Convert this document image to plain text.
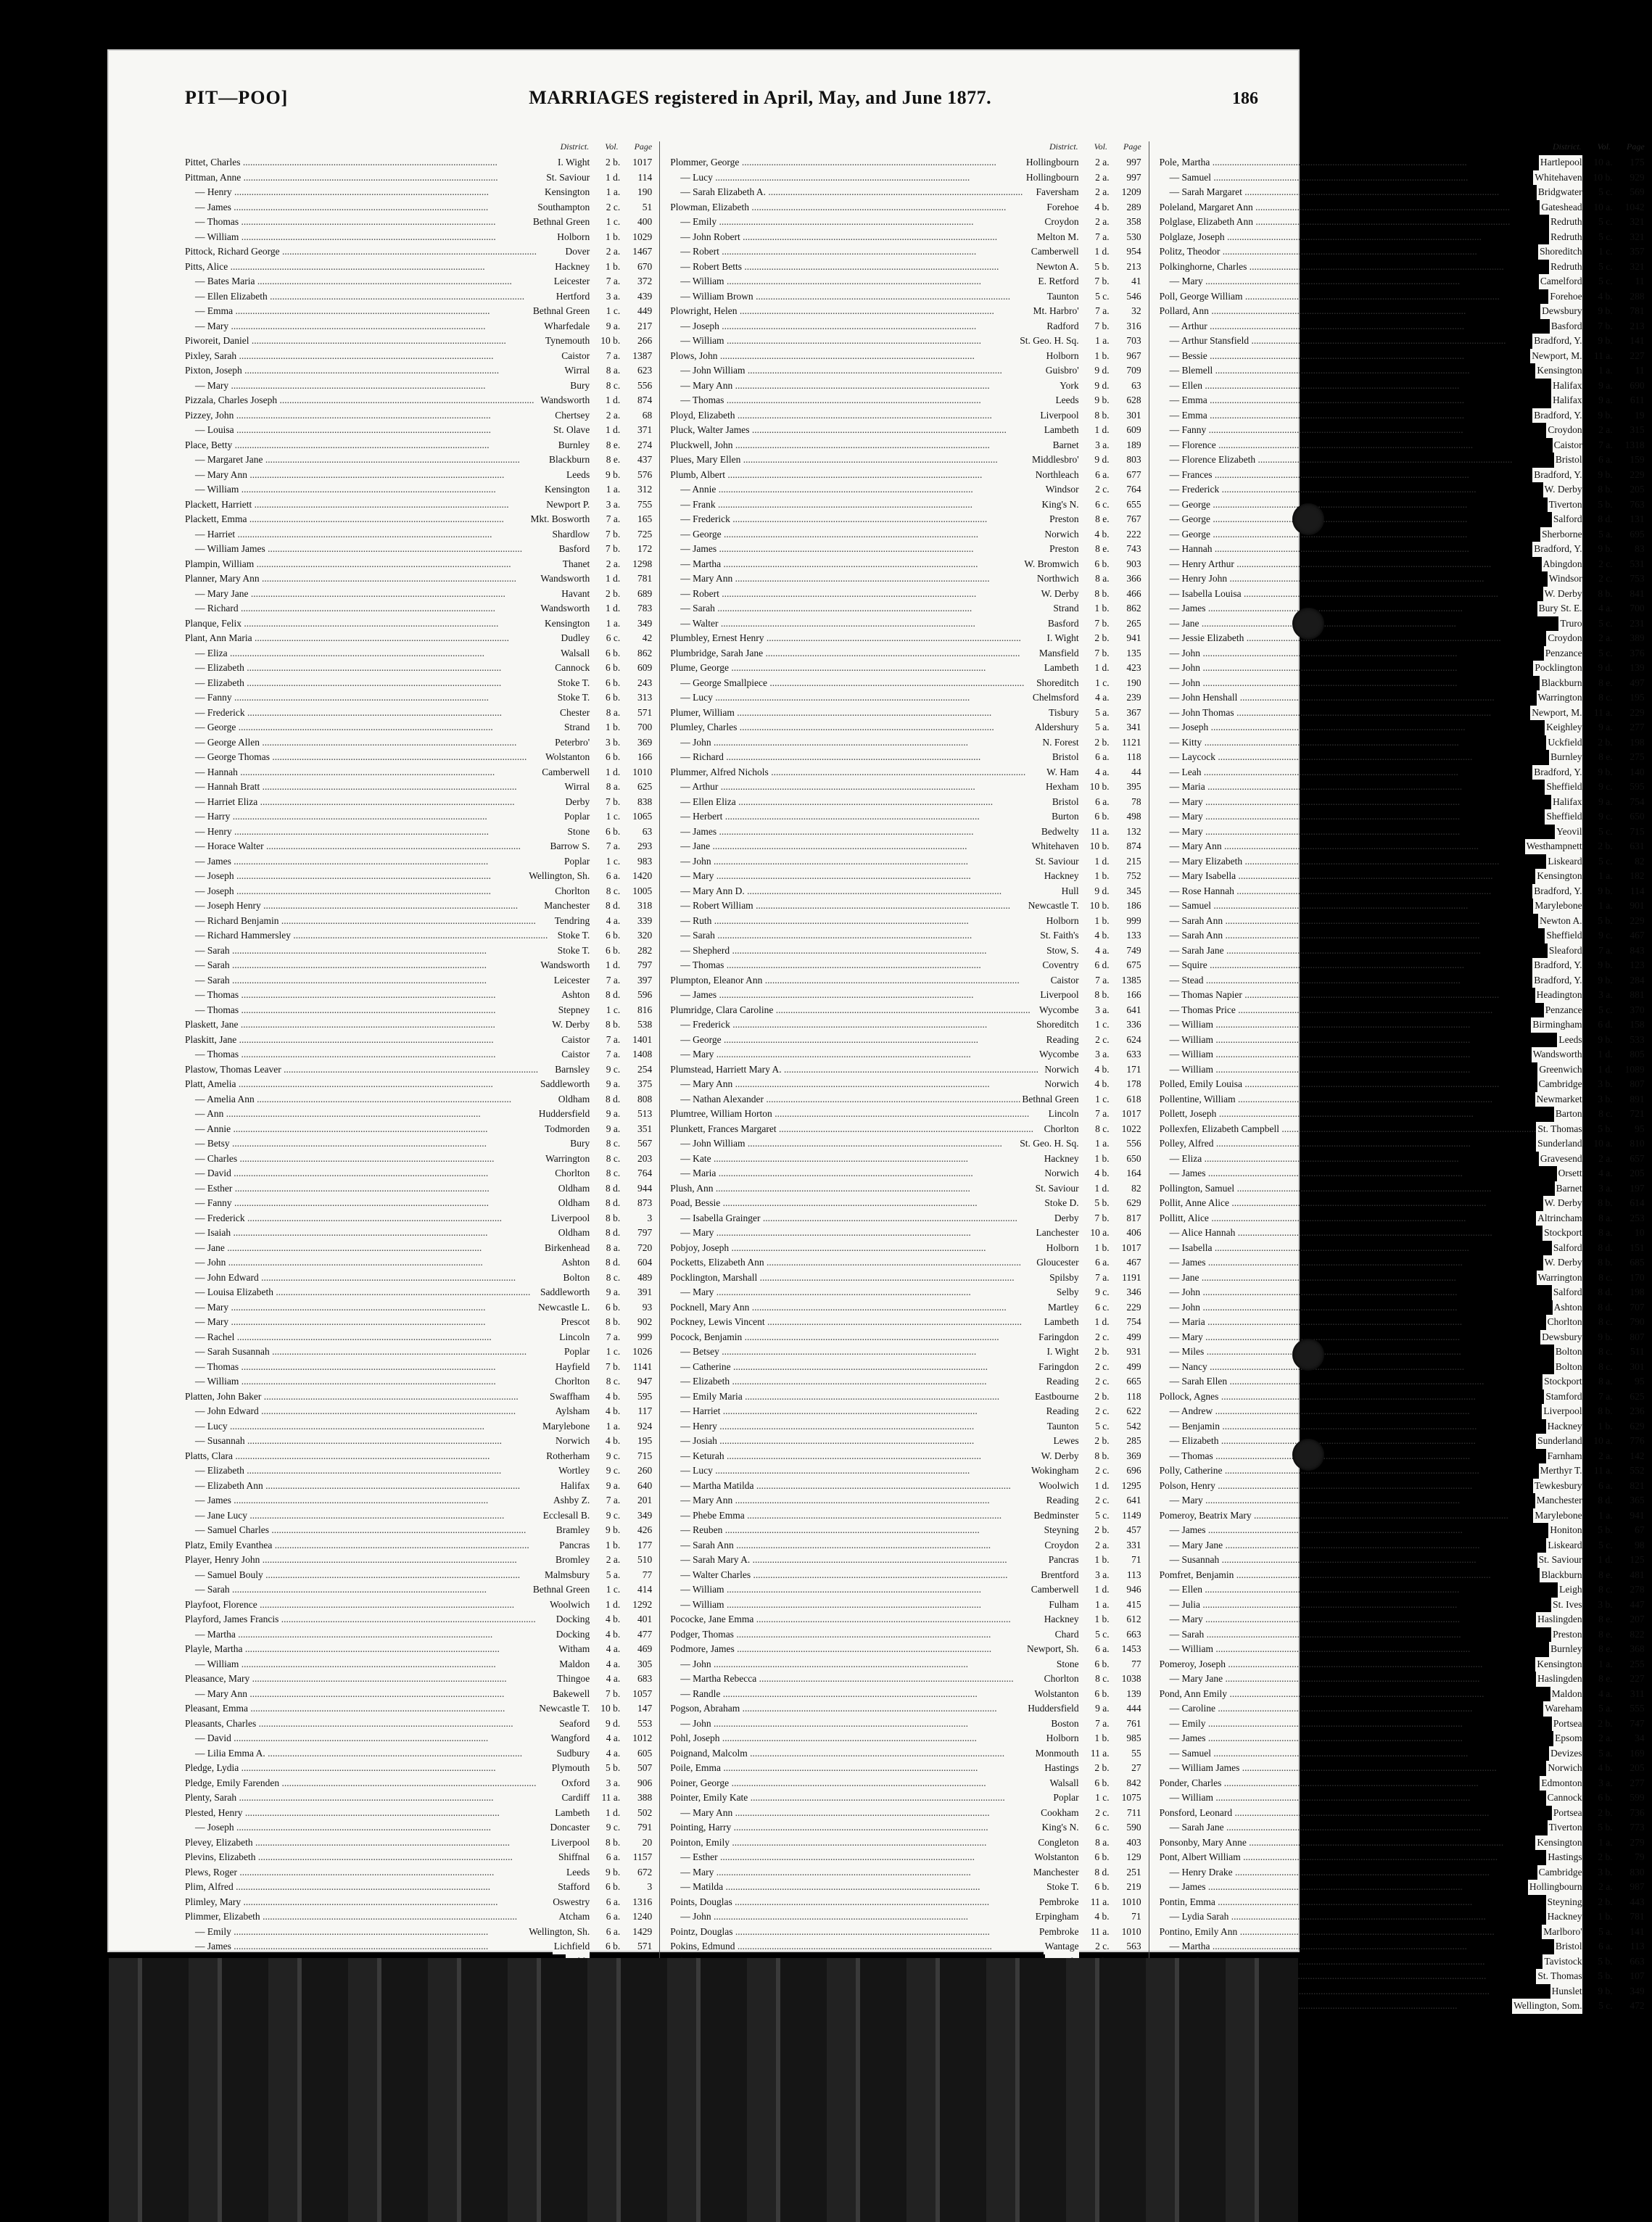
PIT—POO]	MARRIAGES registered in April, May, and June 1877.	186
District. Vol. Page
Pittet, Charles .....	I. Wight	2 b.	1017
Pittman, Anne .....	St. Saviour	1 d.	114
— Henry .....	Kensington	1 a.	190
— James .....	Southampton	2 c.	51
— Thomas .....	Bethnal Green	1 c.	400
— William .....	Holborn	1 b.	1029
Pittock, Richard George .....	Dover	2 a.	1467
Pitts, Alice .....	Hackney	1 b.	670
— Bates Maria .....	Leicester	7 a.	372
— Ellen Elizabeth .....	Hertford	3 a.	439
— Emma .....	Bethnal Green	1 c.	449
— Mary .....	Wharfedale	9 a.	217
Piworeit, Daniel .....	Tynemouth	10 b.	266
Pixley, Sarah .....	Caistor	7 a.	1387
Pixton, Joseph .....	Wirral	8 a.	623
— Mary .....	Bury	8 c.	556
Pizzala, Charles Joseph .....	Wandsworth	1 d.	874
Pizzey, John .....	Chertsey	2 a.	68
— Louisa .....	St. Olave	1 d.	371
Place, Betty .....	Burnley	8 e.	274
— Margaret Jane .....	Blackburn	8 e.	437
— Mary Ann .....	Leeds	9 b.	576
— William .....	Kensington	1 a.	312
Plackett, Harriett .....	Newport P.	3 a.	755
Plackett, Emma .....	Mkt. Bosworth	7 a.	165
— Harriet .....	Shardlow	7 b.	725
— William James .....	Basford	7 b.	172
Plampin, William .....	Thanet	2 a.	1298
Planner, Mary Ann .....	Wandsworth	1 d.	781
— Mary Jane .....	Havant	2 b.	689
— Richard .....	Wandsworth	1 d.	783
Planque, Felix .....	Kensington	1 a.	349
Plant, Ann Maria .....	Dudley	6 c.	42
— Eliza .....	Walsall	6 b.	862
— Elizabeth .....	Cannock	6 b.	609
— Elizabeth .....	Stoke T.	6 b.	243
— Fanny .....	Stoke T.	6 b.	313
— Frederick .....	Chester	8 a.	571
— George .....	Strand	1 b.	700
— George Allen .....	Peterbro'	3 b.	369
— George Thomas .....	Wolstanton	6 b.	166
— Hannah .....	Camberwell	1 d.	1010
— Hannah Bratt .....	Wirral	8 a.	625
— Harriet Eliza .....	Derby	7 b.	838
— Harry .....	Poplar	1 c.	1065
— Henry .....	Stone	6 b.	63
— Horace Walter .....	Barrow S.	7 a.	293
— James .....	Poplar	1 c.	983
— Joseph .....	Wellington, Sh.	6 a.	1420
— Joseph .....	Chorlton	8 c.	1005
— Joseph Henry .....	Manchester	8 d.	318
— Richard Benjamin .....	Tendring	4 a.	339
— Richard Hammersley .....	Stoke T.	6 b.	320
— Sarah .....	Stoke T.	6 b.	282
— Sarah .....	Wandsworth	1 d.	797
— Sarah .....	Leicester	7 a.	397
— Thomas .....	Ashton	8 d.	596
— Thomas .....	Stepney	1 c.	816
Plaskett, Jane .....	W. Derby	8 b.	538
Plaskitt, Jane .....	Caistor	7 a.	1401
— Thomas .....	Caistor	7 a.	1408
Plastow, Thomas Leaver .....	Barnsley	9 c.	254
Platt, Amelia .....	Saddleworth	9 a.	375
— Amelia Ann .....	Oldham	8 d.	808
— Ann .....	Huddersfield	9 a.	513
— Annie .....	Todmorden	9 a.	351
— Betsy .....	Bury	8 c.	567
— Charles .....	Warrington	8 c.	203
— David .....	Chorlton	8 c.	764
— Esther .....	Oldham	8 d.	944
— Fanny .....	Oldham	8 d.	873
— Frederick .....	Liverpool	8 b.	3
— Isaiah .....	Oldham	8 d.	797
— Jane .....	Birkenhead	8 a.	720
— John .....	Ashton	8 d.	604
— John Edward .....	Bolton	8 c.	489
— Louisa Elizabeth .....	Saddleworth	9 a.	391
— Mary .....	Newcastle L.	6 b.	93
— Mary .....	Prescot	8 b.	902
— Rachel .....	Lincoln	7 a.	999
— Sarah Susannah .....	Poplar	1 c.	1026
— Thomas .....	Hayfield	7 b.	1141
— William .....	Chorlton	8 c.	947
Platten, John Baker .....	Swaffham	4 b.	595
— John Edward .....	Aylsham	4 b.	117
— Lucy .....	Marylebone	1 a.	924
— Susannah .....	Norwich	4 b.	195
Platts, Clara .....	Rotherham	9 c.	715
— Elizabeth .....	Wortley	9 c.	260
— Elizabeth Ann .....	Halifax	9 a.	640
— James .....	Ashby Z.	7 a.	201
— Jane Lucy .....	Ecclesall B.	9 c.	349
— Samuel Charles .....	Bramley	9 b.	426
Platz, Emily Evanthea .....	Pancras	1 b.	177
Player, Henry John .....	Bromley	2 a.	510
— Samuel Bouly .....	Malmsbury	5 a.	77
— Sarah .....	Bethnal Green	1 c.	414
Playfoot, Florence .....	Woolwich	1 d.	1292
Playford, James Francis .....	Docking	4 b.	401
— Martha .....	Docking	4 b.	477
Playle, Martha .....	Witham	4 a.	469
— William .....	Maldon	4 a.	305
Pleasance, Mary .....	Thingoe	4 a.	683
— Mary Ann .....	Bakewell	7 b.	1057
Pleasant, Emma .....	Newcastle T.	10 b.	147
Pleasants, Charles .....	Seaford	9 d.	553
— David .....	Wangford	4 a.	1012
— Lilia Emma A. .....	Sudbury	4 a.	605
Pledge, Lydia .....	Plymouth	5 b.	507
Pledge, Emily Farenden .....	Oxford	3 a.	906
Plenty, Sarah .....	Cardiff	11 a.	388
Plested, Henry .....	Lambeth	1 d.	502
— Joseph .....	Doncaster	9 c.	791
Plevey, Elizabeth .....	Liverpool	8 b.	20
Plevins, Elizabeth .....	Shiffnal	6 a.	1157
Plews, Roger .....	Leeds	9 b.	672
Plim, Alfred .....	Stafford	6 b.	3
Plimley, Mary .....	Oswestry	6 a.	1316
Plimmer, Elizabeth .....	Atcham	6 a.	1240
— Emily .....	Wellington, Sh.	6 a.	1429
— James .....	Lichfield	6 b.	571
.....
.....
.....
District. Vol. Page
Plommer, George .....	Hollingbourn	2 a.	997
— Lucy .....	Hollingbourn	2 a.	997
— Sarah Elizabeth A. .....	Faversham	2 a.	1209
Plowman, Elizabeth .....	Forehoe	4 b.	289
— Emily .....	Croydon	2 a.	358
— John Robert .....	Melton M.	7 a.	530
— Robert .....	Camberwell	1 d.	954
— Robert Betts .....	Newton A.	5 b.	213
— William .....	E. Retford	7 b.	41
— William Brown .....	Taunton	5 c.	546
Plowright, Helen .....	Mt. Harbro'	7 a.	32
— Joseph .....	Radford	7 b.	316
— William .....	St. Geo. H. Sq.	1 a.	703
Plows, John .....	Holborn	1 b.	967
— John William .....	Guisbro'	9 d.	709
— Mary Ann .....	York	9 d.	63
— Thomas .....	Leeds	9 b.	628
Ployd, Elizabeth .....	Liverpool	8 b.	301
Pluck, Walter James .....	Lambeth	1 d.	609
Pluckwell, John .....	Barnet	3 a.	189
Plues, Mary Ellen .....	Middlesbro'	9 d.	803
Plumb, Albert .....	Northleach	6 a.	677
— Annie .....	Windsor	2 c.	764
— Frank .....	King's N.	6 c.	655
— Frederick .....	Preston	8 e.	767
— George .....	Norwich	4 b.	222
— James .....	Preston	8 e.	743
— Martha .....	W. Bromwich	6 b.	903
— Mary Ann .....	Northwich	8 a.	366
— Robert .....	W. Derby	8 b.	466
— Sarah .....	Strand	1 b.	862
— Walter .....	Basford	7 b.	265
Plumbley, Ernest Henry .....	I. Wight	2 b.	941
Plumbridge, Sarah Jane .....	Mansfield	7 b.	135
Plume, George .....	Lambeth	1 d.	423
— George Smallpiece .....	Shoreditch	1 c.	190
— Lucy .....	Chelmsford	4 a.	239
Plumer, William .....	Tisbury	5 a.	367
Plumley, Charles .....	Aldershury	5 a.	341
— John .....	N. Forest	2 b.	1121
— Richard .....	Bristol	6 a.	118
Plummer, Alfred Nichols .....	W. Ham	4 a.	44
— Arthur .....	Hexham	10 b.	395
— Ellen Eliza .....	Bristol	6 a.	78
— Herbert .....	Burton	6 b.	498
— James .....	Bedwelty	11 a.	132
— Jane .....	Whitehaven	10 b.	874
— John .....	St. Saviour	1 d.	215
— Mary .....	Hackney	1 b.	752
— Mary Ann D. .....	Hull	9 d.	345
— Robert William .....	Newcastle T.	10 b.	186
— Ruth .....	Holborn	1 b.	999
— Sarah .....	St. Faith's	4 b.	133
— Shepherd .....	Stow, S.	4 a.	749
— Thomas .....	Coventry	6 d.	675
Plumpton, Eleanor Ann .....	Caistor	7 a.	1385
— James .....	Liverpool	8 b.	166
Plumridge, Clara Caroline .....	Wycombe	3 a.	641
— Frederick .....	Shoreditch	1 c.	336
— George .....	Reading	2 c.	624
— Mary .....	Wycombe	3 a.	633
Plumstead, Harriett Mary A. .....	Norwich	4 b.	171
— Mary Ann .....	Norwich	4 b.	178
— Nathan Alexander .....	Bethnal Green	1 c.	618
Plumtree, William Horton .....	Lincoln	7 a.	1017
Plunkett, Frances Margaret .....	Chorlton	8 c.	1022
— John William .....	St. Geo. H. Sq.	1 a.	556
— Kate .....	Hackney	1 b.	650
— Maria .....	Norwich	4 b.	164
Plush, Ann .....	St. Saviour	1 d.	82
Poad, Bessie .....	Stoke D.	5 b.	629
— Isabella Grainger .....	Derby	7 b.	817
— Mary .....	Lanchester	10 a.	406
Pobjoy, Joseph .....	Holborn	1 b.	1017
Pocketts, Elizabeth Ann .....	Gloucester	6 a.	467
Pocklington, Marshall .....	Spilsby	7 a.	1191
— Mary .....	Selby	9 c.	346
Pocknell, Mary Ann .....	Martley	6 c.	229
Pockney, Lewis Vincent .....	Lambeth	1 d.	754
Pocock, Benjamin .....	Faringdon	2 c.	499
— Betsey .....	I. Wight	2 b.	931
— Catherine .....	Faringdon	2 c.	499
— Elizabeth .....	Reading	2 c.	665
— Emily Maria .....	Eastbourne	2 b.	118
— Harriet .....	Reading	2 c.	622
— Henry .....	Taunton	5 c.	542
— Josiah .....	Lewes	2 b.	285
— Keturah .....	W. Derby	8 b.	369
— Lucy .....	Wokingham	2 c.	696
— Martha Matilda .....	Woolwich	1 d.	1295
— Mary Ann .....	Reading	2 c.	641
— Phebe Emma .....	Bedminster	5 c.	1149
— Reuben .....	Steyning	2 b.	457
— Sarah Ann .....	Croydon	2 a.	331
— Sarah Mary A. .....	Pancras	1 b.	71
— Walter Charles .....	Brentford	3 a.	113
— William .....	Camberwell	1 d.	946
— William .....	Fulham	1 a.	415
Pococke, Jane Emma .....	Hackney	1 b.	612
Podger, Thomas .....	Chard	5 c.	663
Podmore, James .....	Newport, Sh.	6 a.	1453
— John .....	Stone	6 b.	77
— Martha Rebecca .....	Chorlton	8 c.	1038
— Randle .....	Wolstanton	6 b.	139
Pogson, Abraham .....	Huddersfield	9 a.	444
— John .....	Boston	7 a.	761
Pohl, Joseph .....	Holborn	1 b.	985
Poignand, Malcolm .....	Monmouth	11 a.	55
Poile, Emma .....	Hastings	2 b.	27
Poiner, George .....	Walsall	6 b.	842
Pointer, Emily Kate .....	Poplar	1 c.	1075
— Mary Ann .....	Cookham	2 c.	711
Pointing, Harry .....	King's N.	6 c.	590
Pointon, Emily .....	Congleton	8 a.	403
— Esther .....	Wolstanton	6 b.	129
— Mary .....	Manchester	8 d.	251
— Matilda .....	Stoke T.	6 b.	219
Points, Douglas .....	Pembroke	11 a.	1010
— John .....	Erpingham	4 b.	71
Pointz, Douglas .....	Pembroke	11 a.	1010
Pokins, Edmund .....	Wantage	2 c.	563
.....
.....
.....
District. Vol. Page
Pole, Martha .....	Hartlepool	10 a.	175
— Samuel .....	Whitehaven	10 b.	929
— Sarah Margaret .....	Bridgwater	5 c.	569
Poleland, Margaret Ann .....	Gateshead	10 a.	1042
Polglase, Elizabeth Ann .....	Redruth	5 c.	321
Polglaze, Joseph .....	Redruth	5 c.	321
Politz, Theodor .....	Shoreditch	1 c.	357
Polkinghorne, Charles .....	Redruth	5 c.	321
— Mary .....	Camelford	5 c.	11
Poll, George William .....	Forehoe	4 b.	288
Pollard, Ann .....	Dewsbury	9 b.	781
— Arthur .....	Basford	7 b.	213
— Arthur Stansfield .....	Bradford, Y.	9 b.	141
— Bessie .....	Newport, M.	11 a.	227
— Blemell .....	Kensington	1 a.	11
— Ellen .....	Halifax	9 a.	690
— Emma .....	Halifax	9 a.	611
— Emma .....	Bradford, Y.	9 b.	19
— Fanny .....	Croydon	2 a.	315
— Florence .....	Caistor	7 a.	1318
— Florence Elizabeth .....	Bristol	6 a.	159
— Frances .....	Bradford, Y.	9 b.	229
— Frederick .....	W. Derby	8 b.	205
— George .....	Tiverton	5 b.	763
— George .....	Salford	8 d.	131
— George .....	Sherborne	5 a.	695
— Hannah .....	Bradford, Y.	9 b.	83
— Henry Arthur .....	Abingdon	2 c.	531
— Henry John .....	Windsor	2 c.	753
— Isabella Louisa .....	W. Derby	8 b.	841
— James .....	Bury St. E.	4 a.	700
— Jane .....	Truro	5 c.	231
— Jessie Elizabeth .....	Croydon	2 a.	389
— John .....	Penzance	5 c.	376
— John .....	Pocklington	9 d.	139
— John .....	Blackburn	8 e.	497
— John Henshall .....	Warrington	8 c.	195
— John Thomas .....	Newport, M.	11 a.	229
— Joseph .....	Keighley	9 a.	277
— Kitty .....	Uckfield	2 b.	198
— Laycock .....	Burnley	8 e.	275
— Leah .....	Bradford, Y.	9 b.	140
— Maria .....	Sheffield	9 c.	595
— Mary .....	Halifax	9 a.	754
— Mary .....	Sheffield	9 c.	650
— Mary .....	Yeovil	5 c.	715
— Mary Ann .....	Westhampnett	2 b.	631
— Mary Elizabeth .....	Liskeard	5 c.	82
— Mary Isabella .....	Kensington	1 a.	182
— Rose Hannah .....	Bradford, Y.	9 b.	114
— Samuel .....	Marylebone	1 a.	901
— Sarah Ann .....	Newton A.	5 b.	229
— Sarah Ann .....	Sheffield	9 c.	467
— Sarah Jane .....	Sleaford	7 a.	843
— Squire .....	Bradford, Y.	9 b.	123
— Stead .....	Bradford, Y.	9 b.	284
— Thomas Napier .....	Headington	3 a.	881
— Thomas Price .....	Penzance	5 c.	370
— William .....	Birmingham	6 d.	158
— William .....	Leeds	9 b.	533
— William .....	Wandsworth	1 d.	805
— William .....	Greenwich	1 d.	1089
Polled, Emily Louisa .....	Cambridge	3 b.	807
Pollentine, William .....	Newmarket	3 b.	891
Pollett, Joseph .....	Barton	8 c.	721
Pollexfen, Elizabeth Campbell .....	St. Thomas	5 b.	95
Polley, Alfred .....	Sunderland	10 a.	810
— Eliza .....	Gravesend	2 a.	657
— James .....	Orsett	4 a.	205
Pollington, Samuel .....	Barnet	3 a.	197
Pollit, Anne Alice .....	W. Derby	8 b.	614
Pollitt, Alice .....	Altrincham	8 a.	253
— Alice Hannah .....	Stockport	8 a.	10
— Isabella .....	Salford	8 d.	151
— James .....	W. Derby	8 b.	685
— Jane .....	Warrington	8 c.	170
— John .....	Salford	8 d.	198
— John .....	Ashton	8 d.	707
— Maria .....	Chorlton	8 c.	790
— Mary .....	Dewsbury	9 b.	807
— Miles .....	Bolton	8 c.	511
— Nancy .....	Bolton	8 c.	301
— Sarah Ellen .....	Stockport	8 a.	95
Pollock, Agnes .....	Stamford	7 a.	625
— Andrew .....	Liverpool	8 b.	236
— Benjamin .....	Hackney	1 b.	629
— Elizabeth .....	Sunderland	10 a.	776
— Thomas .....	Farnham	2 a.	142
Polly, Catherine .....	Merthyr T.	11 a.	552
Polson, Henry .....	Tewkesbury	6 a.	821
— Mary .....	Manchester	8 d.	365
Pomeroy, Beatrix Mary .....	Marylebone	1 a.	941
— James .....	Honiton	5 b.	67
— Mary Jane .....	Liskeard	5 c.	98
— Susannah .....	St. Saviour	1 d.	125
Pomfret, Benjamin .....	Blackburn	8 e.	481
— Ellen .....	Leigh	8 c.	278
— Julia .....	St. Ives	3 b.	447
— Mary .....	Haslingden	8 e.	207
— Sarah .....	Preston	8 e.	822
— William .....	Burnley	8 e.	368
Pomeroy, Joseph .....	Kensington	1 a.	255
— Mary Jane .....	Haslingden	8 e.	227
Pond, Ann Emily .....	Maldon	4 a.	311
— Caroline .....	Wareham	5 a.	555
— Emily .....	Portsea	2 b.	747
— James .....	Epsom	2 a.	34
— Samuel .....	Devizes	5 a.	169
— William James .....	Norwich	4 b.	205
Ponder, Charles .....	Edmonton	3 a.	277
— William .....	Cannock	6 b.	599
Ponsford, Leonard .....	Portsea	2 b.	736
— Sarah Jane .....	Tiverton	5 b.	773
Ponsonby, Mary Anne .....	Kensington	1 a.	279
Pont, Albert William .....	Hastings	2 b.	79
— Henry Drake .....	Cambridge	3 b.	830
— James .....	Hollingbourn	2 a.	987
Pontin, Emma .....	Steyning	2 b.	443
— Lydia Sarah .....	Hackney	1 b.	781
Pontino, Emily Ann .....	Marlboro'	5 a.	141
— Martha .....	Bristol	6 a.	113
.....
Tavistock	5 b.	663
.....
St. Thomas	5 b.	107
.....
Hunslet	9 b.	349
.....
Wellington, Som.	5 c.	472
